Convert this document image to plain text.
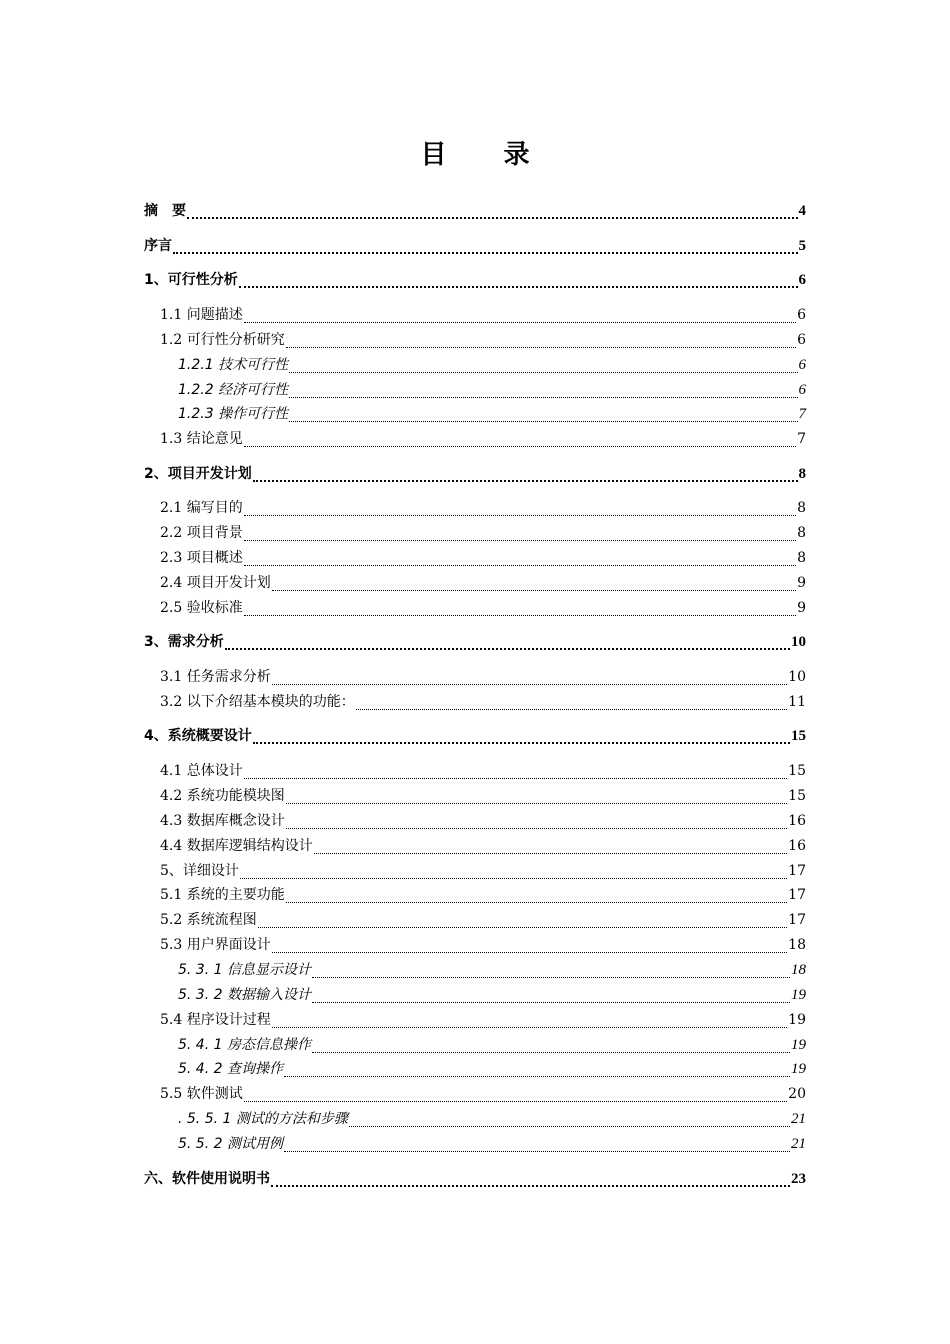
目 录
摘　要	4
序言	5
1、可行性分析	6
1.1 问题描述	6
1.2 可行性分析研究	6
1.2.1 技术可行性	6
1.2.2 经济可行性	6
1.2.3 操作可行性	7
1.3 结论意见	7
2、项目开发计划	8
2.1 编写目的	8
2.2 项目背景	8
2.3 项目概述	8
2.4 项目开发计划	9
2.5 验收标准	9
3、需求分析	10
3.1 任务需求分析	10
3.2 以下介绍基本模块的功能：	11
4、系统概要设计	15
4.1 总体设计	15
4.2 系统功能模块图	15
4.3 数据库概念设计	16
4.4 数据库逻辑结构设计	16
5、详细设计	17
5.1 系统的主要功能	17
5.2 系统流程图	17
5.3 用户界面设计	18
5. 3. 1 信息显示设计	18
5. 3. 2 数据输入设计	19
5.4 程序设计过程	19
5. 4. 1 房态信息操作	19
5. 4. 2 查询操作	19
5.5 软件测试	20
. 5. 5. 1 测试的方法和步骤	21
5. 5. 2 测试用例	21
六、软件使用说明书	23
